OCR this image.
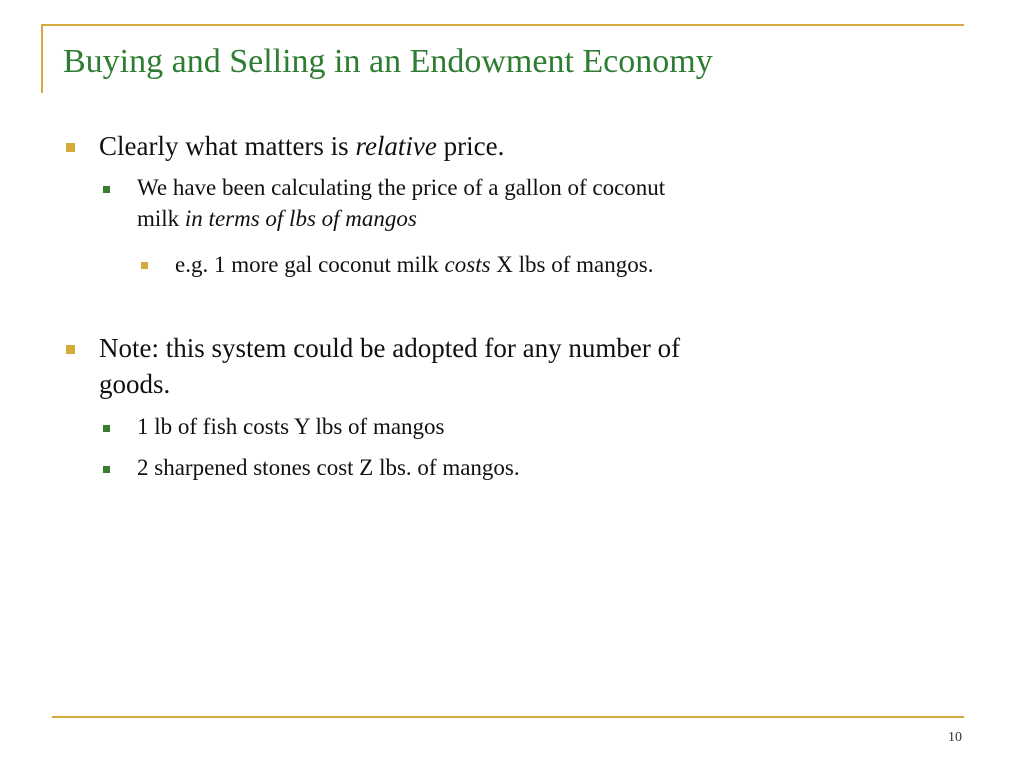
Buying and Selling in an Endowment Economy
Clearly what matters is relative price.
We have been calculating the price of a gallon of coconut
milk in terms of lbs of mangos
e.g. 1 more gal coconut milk costs X lbs of mangos.
Note: this system could be adopted for any number of
goods.
1 lb of fish costs Y lbs of mangos
2 sharpened stones cost Z lbs. of mangos.
10
